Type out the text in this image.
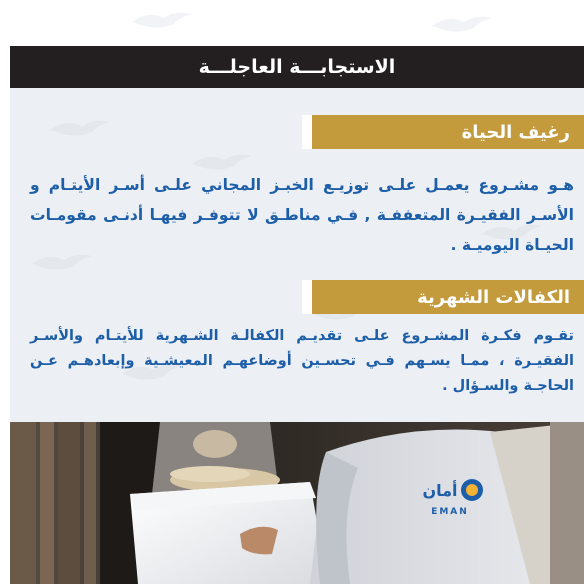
الاستجابـــة العاجلـــة
رغيف الحياة

هـو مشـروع يعمـل علـى توزيـع الخبـز المجاني علـى أسـر الأيتـام و الأسـر الفقيـرة المتعففـة , فـي مناطـق لا تتوفـر فيهـا أدنـى مقومـات الحيـاة اليوميـة .

الكفالات الشهرية

تقـوم فكـرة المشـروع علـى تقديـم الكفالـة الشـهرية للأيتـام والأسـر الفقيـرة ، ممـا يسـهم فـي تحسـين أوضاعهـم المعيشـية وإبعادهـم عـن الحاجـة والسـؤال .

أمان
EMAN
